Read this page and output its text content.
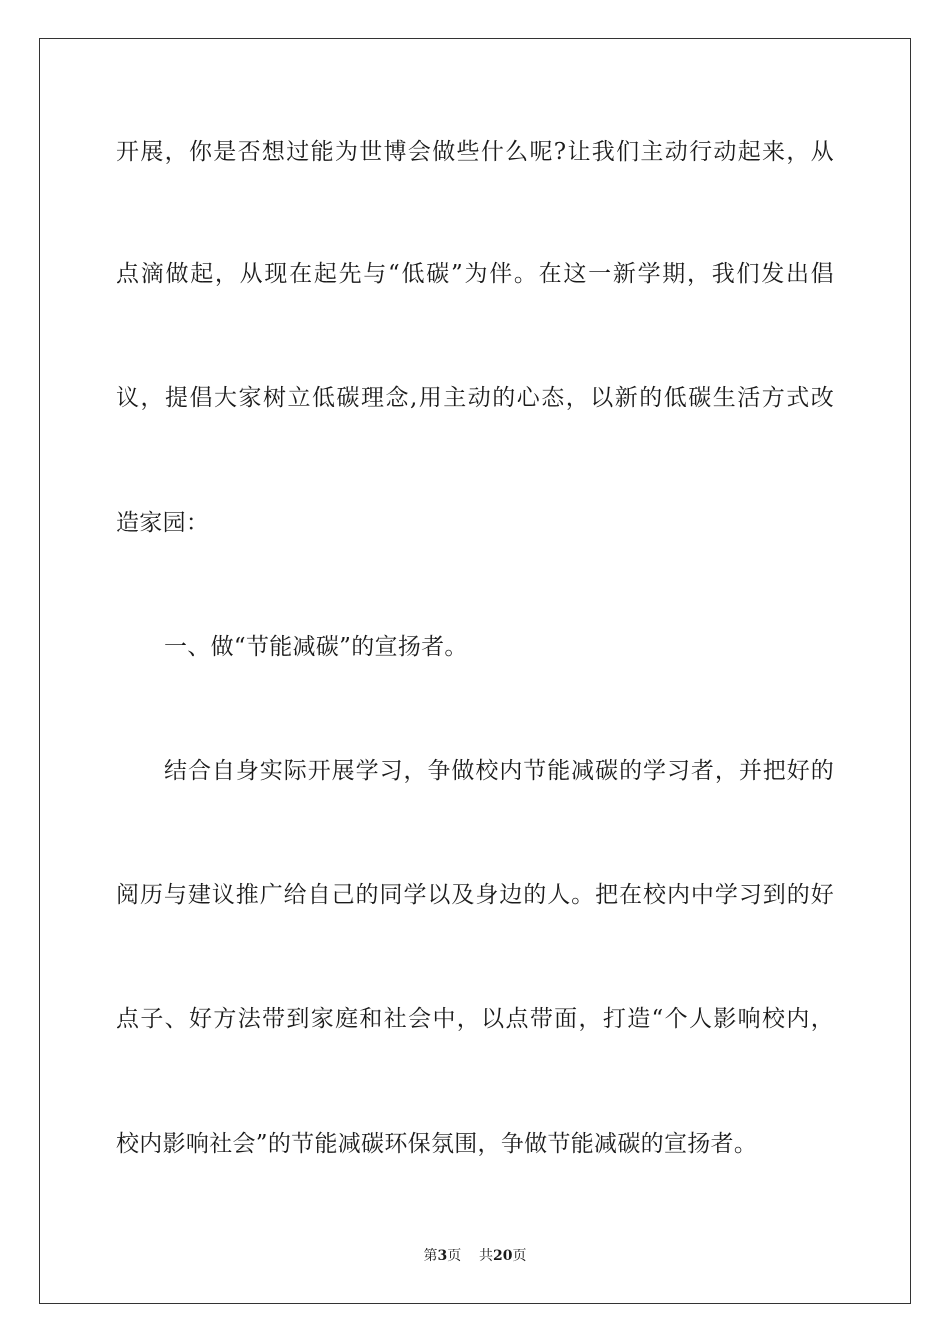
开展，你是否想过能为世博会做些什么呢?让我们主动行动起来，从
点滴做起，从现在起先与“低碳”为伴。在这一新学期，我们发出倡
议，提倡大家树立低碳理念,用主动的心态，以新的低碳生活方式改
造家园：
一、做“节能减碳”的宣扬者。
结合自身实际开展学习，争做校内节能减碳的学习者，并把好的
阅历与建议推广给自己的同学以及身边的人。把在校内中学习到的好
点子、好方法带到家庭和社会中，以点带面，打造“个人影响校内，
校内影响社会”的节能减碳环保氛围，争做节能减碳的宣扬者。
第3页 共20页
